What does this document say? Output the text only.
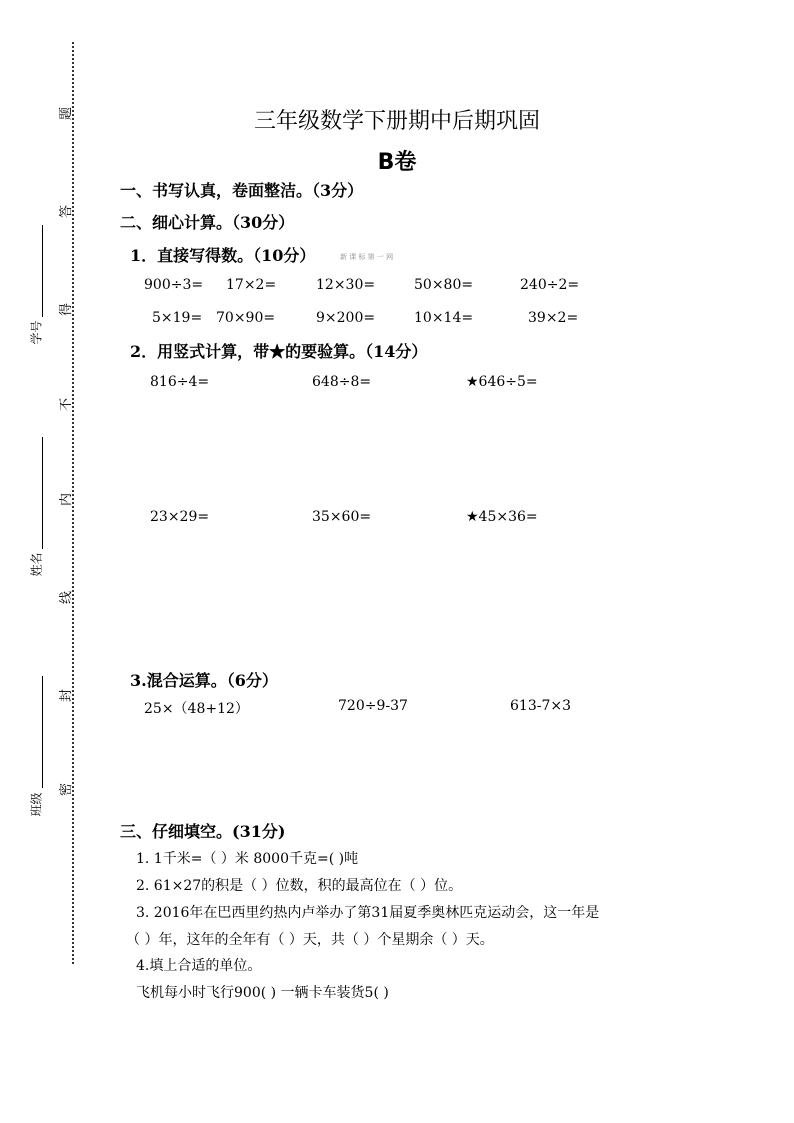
题
答
得
不
内
线
封
密
学号
姓名
班级
三年级数学下册期中后期巩固
B卷
一、书写认真，卷面整洁。（3分）
二、细心计算。（30分）
1．直接写得数。（10分）	新 课 标 第 一 网
900÷3= 17×2=	12×30=	50×80=	240÷2=
5×19= 70×90=	9×200=	10×14=	39×2=
2．用竖式计算，带★的要验算。（14分）
816÷4=	648÷8=	★646÷5=
23×29=	35×60=	★45×36=
3.混合运算。（6分）
25×（48+12）	720÷9-37	613-7×3
三、仔细填空。(31分)
1. 1千米=（ ）米 8000千克=( )吨
2. 61×27的积是（ ）位数，积的最高位在（ ）位。
3. 2016年在巴西里约热内卢举办了第31届夏季奥林匹克运动会，这一年是
（ ）年，这年的全年有（ ）天，共（ ）个星期余（ ）天。
4.填上合适的单位。
飞机每小时飞行900( ) 一辆卡车装货5( )
